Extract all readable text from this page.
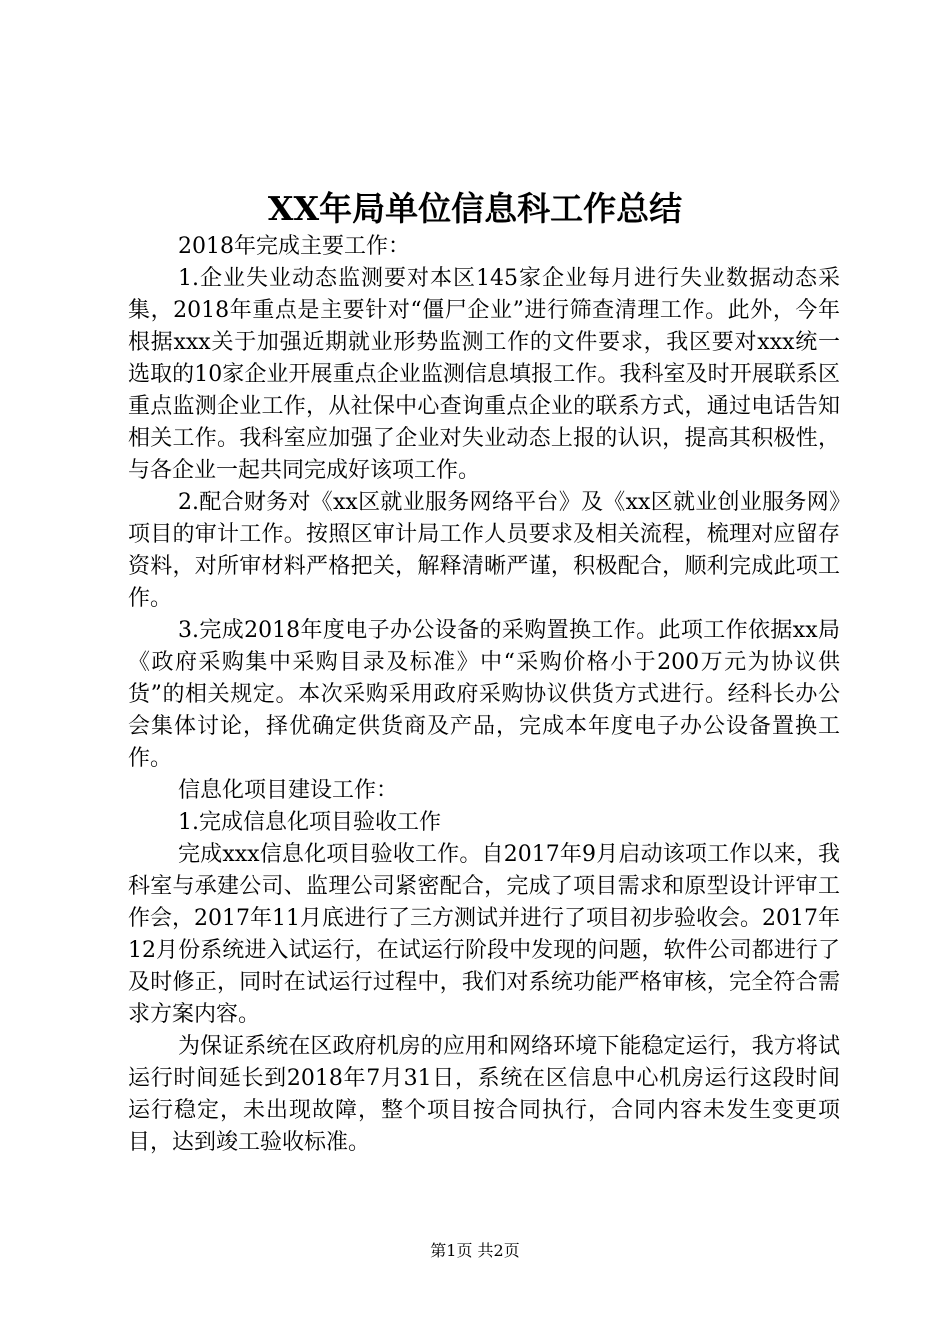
XX年局单位信息科工作总结

2018年完成主要工作：

1.企业失业动态监测要对本区145家企业每月进行失业数据动态采集，2018年重点是主要针对“僵尸企业”进行筛查清理工作。此外，今年根据xxx关于加强近期就业形势监测工作的文件要求，我区要对xxx统一选取的10家企业开展重点企业监测信息填报工作。我科室及时开展联系区重点监测企业工作，从社保中心查询重点企业的联系方式，通过电话告知相关工作。我科室应加强了企业对失业动态上报的认识，提高其积极性，与各企业一起共同完成好该项工作。

2.配合财务对《xx区就业服务网络平台》及《xx区就业创业服务网》项目的审计工作。按照区审计局工作人员要求及相关流程，梳理对应留存资料，对所审材料严格把关，解释清晰严谨，积极配合，顺利完成此项工作。

3.完成2018年度电子办公设备的采购置换工作。此项工作依据xx局《政府采购集中采购目录及标准》中“采购价格小于200万元为协议供货”的相关规定。本次采购采用政府采购协议供货方式进行。经科长办公会集体讨论，择优确定供货商及产品，完成本年度电子办公设备置换工作。

信息化项目建设工作：

1.完成信息化项目验收工作

完成xxx信息化项目验收工作。自2017年9月启动该项工作以来，我科室与承建公司、监理公司紧密配合，完成了项目需求和原型设计评审工作会，2017年11月底进行了三方测试并进行了项目初步验收会。2017年12月份系统进入试运行，在试运行阶段中发现的问题，软件公司都进行了及时修正，同时在试运行过程中，我们对系统功能严格审核，完全符合需求方案内容。

为保证系统在区政府机房的应用和网络环境下能稳定运行，我方将试运行时间延长到2018年7月31日，系统在区信息中心机房运行这段时间运行稳定，未出现故障，整个项目按合同执行，合同内容未发生变更项目，达到竣工验收标准。

第1页 共2页
